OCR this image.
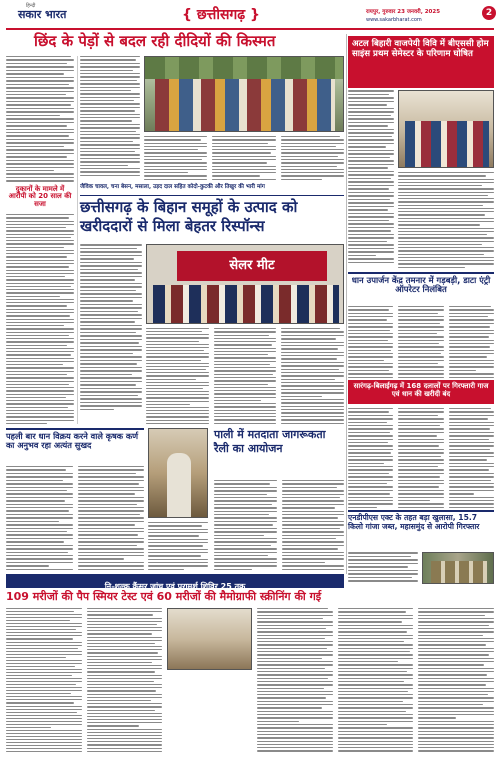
हिन्दी
सकार भारत	{ छत्तीसगढ़ }	रायपुर, गुरुवार 23 जनवरी, 2025
www.sakarbharat.com
2
छिंद के पेड़ों से बदल रही दीदियों की किस्मत
दुकानों के मामले में आरोपी को 20 साल की सजा
अटल बिहारी वाजपेयी विवि में बीएससी होम साइंस प्रथम सेमेस्टर के परिणाम घोषित
जैविक चावल, चना बेसन, मसाला, उड़द दाल सहित कोदो-कुटकी और तिखुर की भारी मांग
छत्तीसगढ़ के बिहान समूहों के उत्पाद को खरीददारों से मिला बेहतर रिस्पॉन्स
सेलर मीट
धान उपार्जन केंद्र तमनार में गड़बड़ी, डाटा एंट्री ऑपरेटर निलंबित
सारंगढ़-बिलाईगढ़ में 168 दलालों पर गिरफ्तारी गाज एवं धान की खरीदी बंद
पहली बार धान विक्रय करने वाले कृषक कर्ण का अनुभव रहा अत्यंत सुखद
पाली में मतदाता जागरूकता रैली का आयोजन
एनडीपीएस एक्ट के तहत बड़ा खुलासा, 15.7 किलो गांजा जब्त, महासमुंद से आरोपी गिरफ्तार
नि-शुल्क कैंसर जांच एवं परामर्श शिविर 25 तक
109 मरीजों की पैप स्मियर टेस्ट एवं 60 मरीजों की मैमोग्राफी स्क्रीनिंग की गई
